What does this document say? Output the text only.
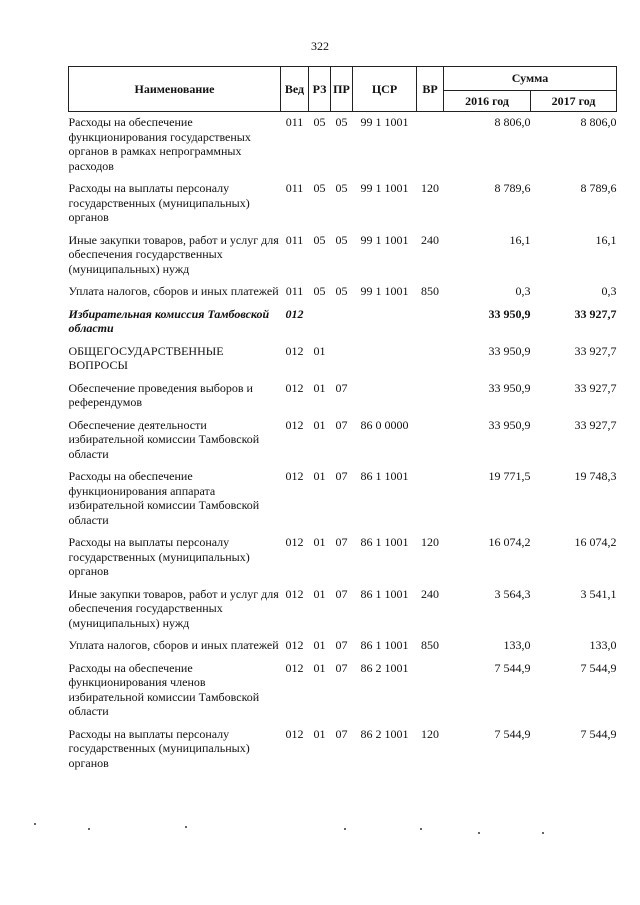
322
Наименование	Вед	РЗ	ПР	ЦСР	ВР	Сумма	
						2016 год	2017 год
Расходы на обеспечение функционирования государственых органов в рамках непрограммных расходов	011	05	05	99 1 1001		8 806,0	8 806,0
Расходы на выплаты персоналу государственных (муниципальных) органов	011	05	05	99 1 1001	120	8 789,6	8 789,6
Иные закупки товаров, работ и услуг для обеспечения государственных (муниципальных) нужд	011	05	05	99 1 1001	240	16,1	16,1
Уплата налогов, сборов и иных платежей	011	05	05	99 1 1001	850	0,3	0,3
Избирательная комиссия Тамбовской области	012					33 950,9	33 927,7
ОБЩЕГОСУДАРСТВЕННЫЕ ВОПРОСЫ	012	01				33 950,9	33 927,7
Обеспечение проведения выборов и референдумов	012	01	07			33 950,9	33 927,7
Обеспечение деятельности избирательной комиссии Тамбовской области	012	01	07	86 0 0000		33 950,9	33 927,7
Расходы на обеспечение функционирования аппарата избирательной комиссии Тамбовской области	012	01	07	86 1 1001		19 771,5	19 748,3
Расходы на выплаты персоналу государственных (муниципальных) органов	012	01	07	86 1 1001	120	16 074,2	16 074,2
Иные закупки товаров, работ и услуг для обеспечения государственных (муниципальных) нужд	012	01	07	86 1 1001	240	3 564,3	3 541,1
Уплата налогов, сборов и иных платежей	012	01	07	86 1 1001	850	133,0	133,0
Расходы на обеспечение функционирования членов избирательной комиссии Тамбовской области	012	01	07	86 2 1001		7 544,9	7 544,9
Расходы на выплаты персоналу государственных (муниципальных) органов	012	01	07	86 2 1001	120	7 544,9	7 544,9
